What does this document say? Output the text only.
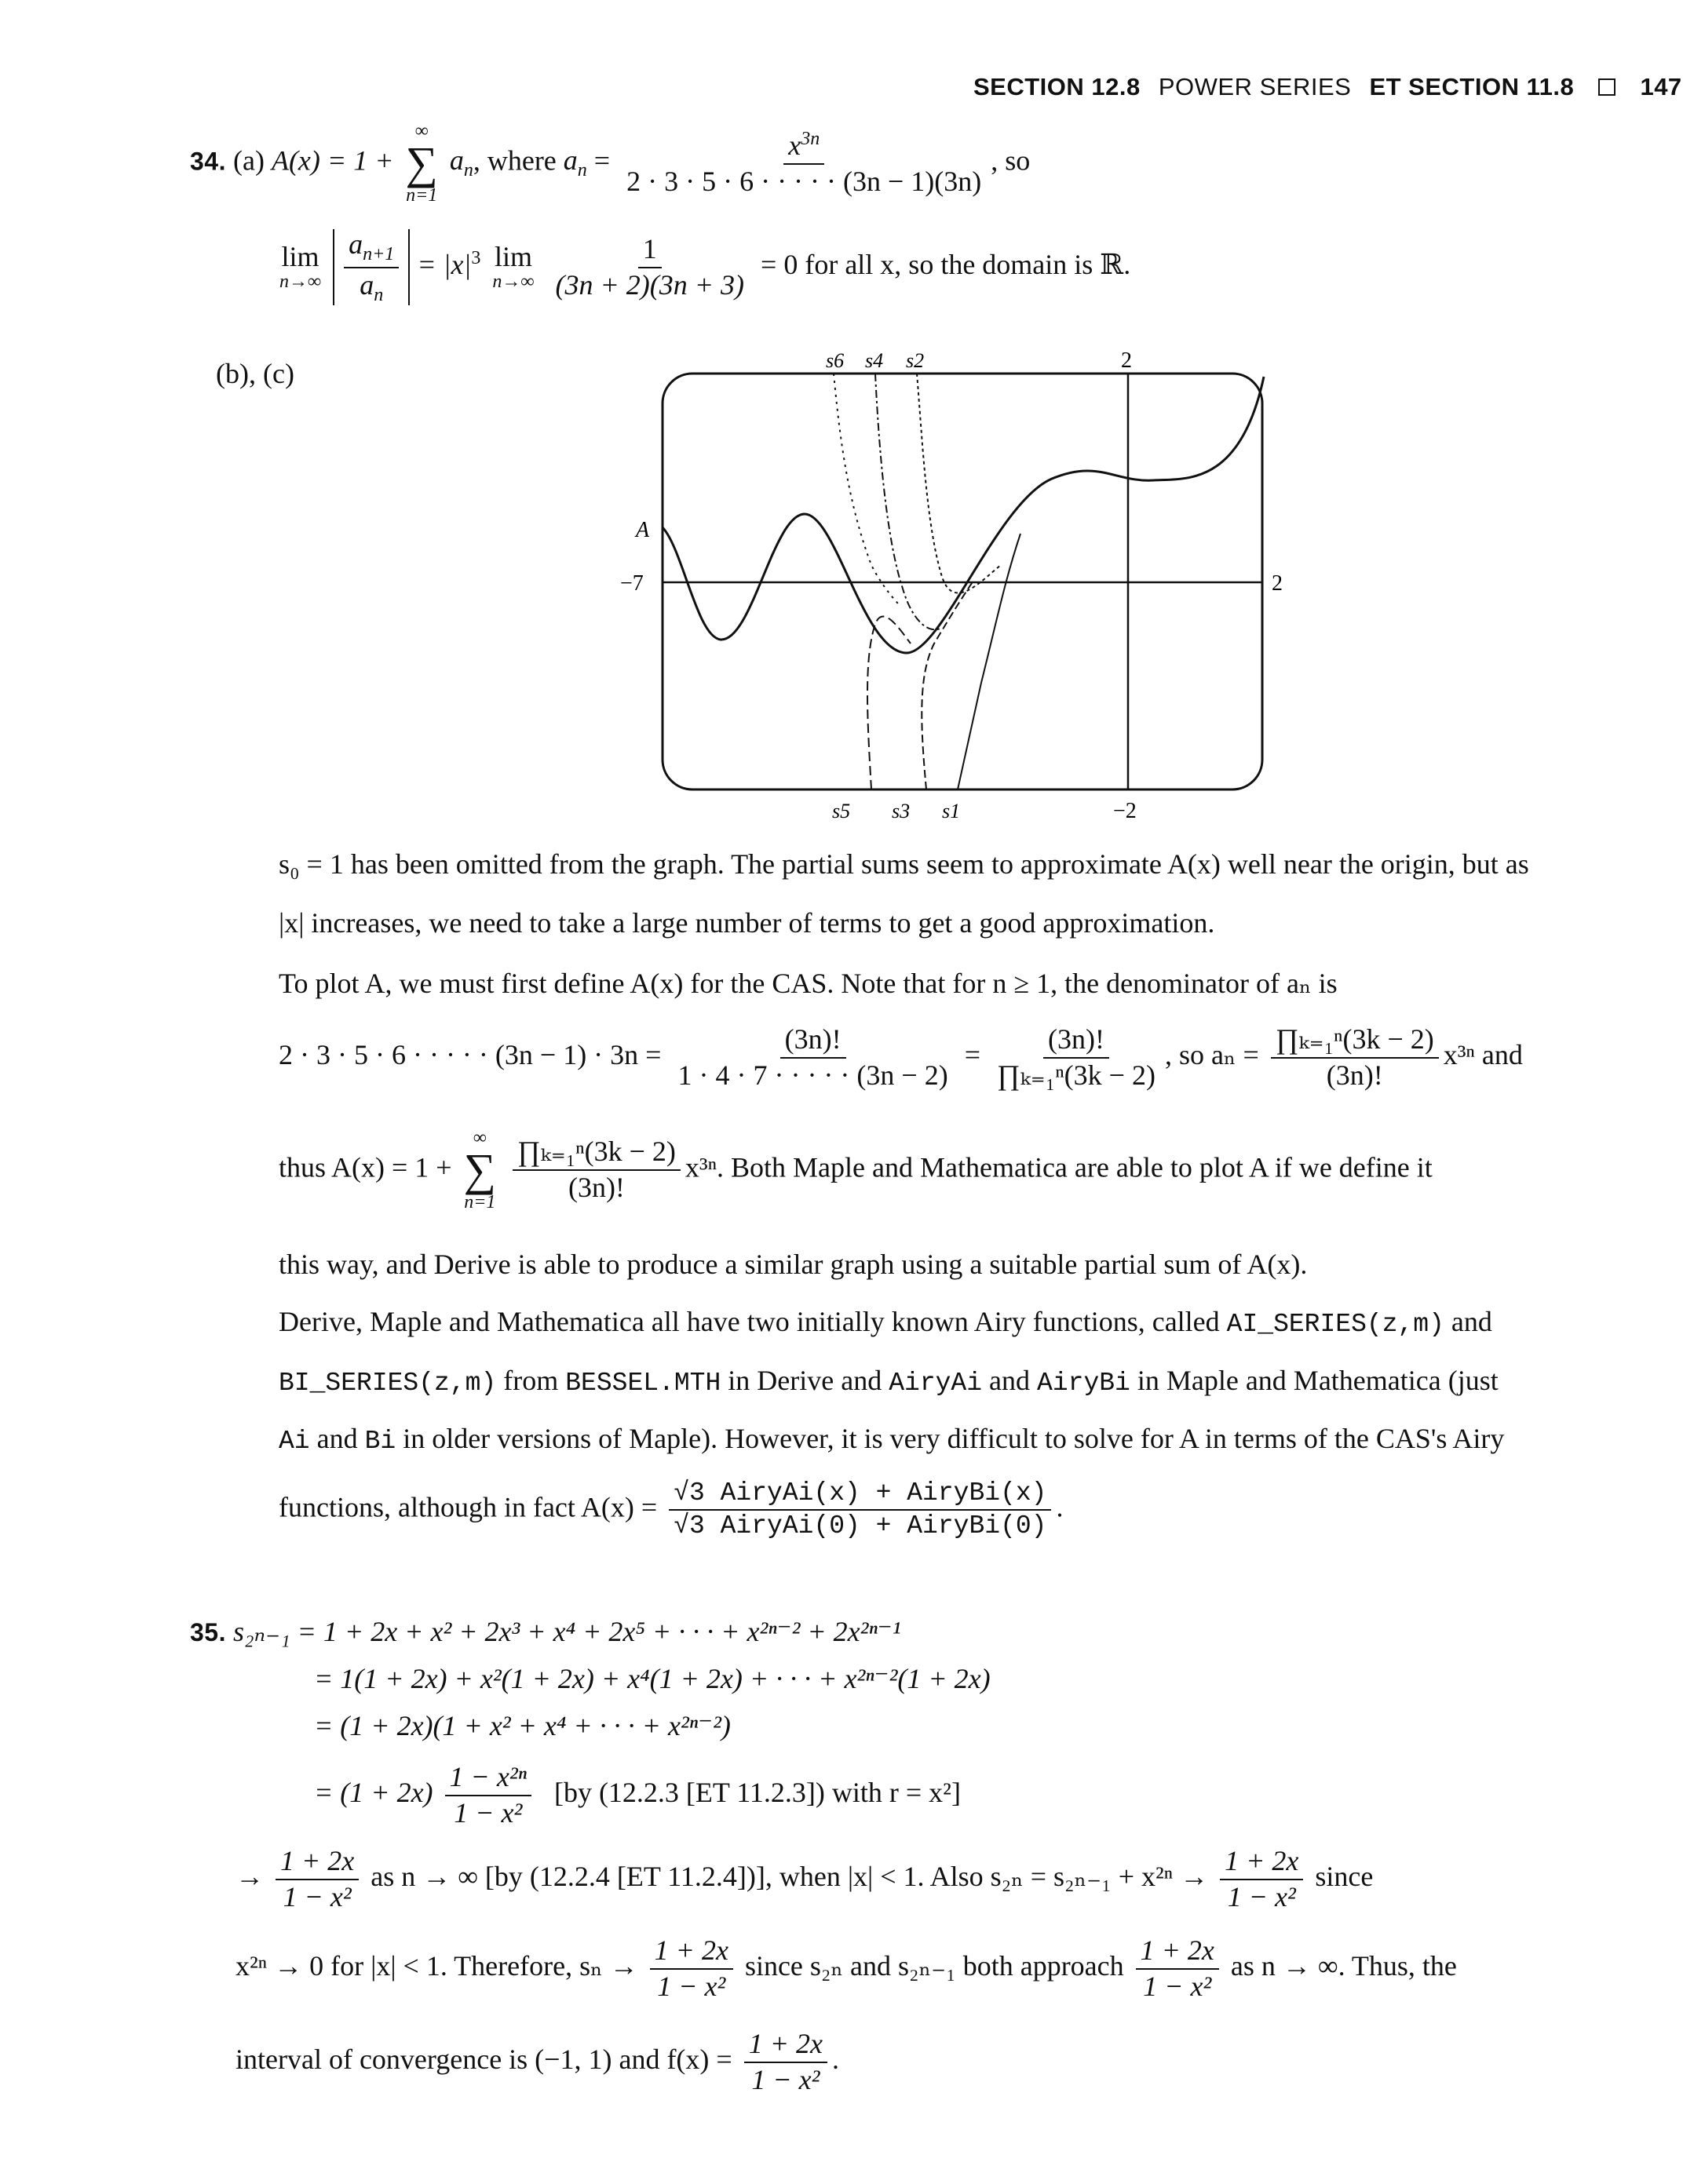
SECTION 12.8 POWER SERIES ET SECTION 11.8	147
34. (a) A(x) = 1 +
∞
∑
n=1
$a_n$, where $a_n = \frac{x^{3n}}{2 \cdot 3 \cdot 5 \cdot 6 \cdot \cdot \cdot \cdot \cdot (3n - 1)(3n)}$ , so
lim
n→∞
$\frac{a_{n+1}}{a_n} = |x|^3$ lim
n→∞
$\frac{1}{(3n + 2)(3n + 3)} = 0$ for all x, so the domain is ℝ.
(b), (c)	s6 s4 s2	2
A
−7	2
s5 s3 s1	−2
s₀ = 1 has been omitted from the graph. The partial sums seem to approximate A(x) well near the origin, but as
|x| increases, we need to take a large number of terms to get a good approximation.
To plot A, we must first define A(x) for the CAS. Note that for n ≥ 1, the denominator of aₙ is
2 · 3 · 5 · 6 · · · · · $(3n - 1) \cdot 3n = \frac{(3n)!}{1 \cdot 4 \cdot 7 \cdot \cdot \cdot \cdot \cdot (3n - 2)} = \frac{(3n)!}{\text{∏ₖ₌₁ⁿ(3k − 2)}}$ , so $a_n = \frac{\text{∏ₖ₌₁ⁿ(3k − 2)}}{(3n)!} x^{3n}$ and
thus A(x) = 1 +
∞
∑
n=1
$\frac{\text{∏ₖ₌₁ⁿ(3k − 2)}}{(3n)!} x^{3n}$. Both Maple and Mathematica are able to plot A if we define it
this way, and Derive is able to produce a similar graph using a suitable partial sum of A(x).
Derive, Maple and Mathematica all have two initially known Airy functions, called AI_SERIES(z,m) and
BI_SERIES(z,m) from BESSEL.MTH in Derive and AiryAi and AiryBi in Maple and Mathematica (just
Ai and Bi in older versions of Maple). However, it is very difficult to solve for A in terms of the CAS's Airy
functions, although in fact $A(x) = \frac{\text{√3 AiryAi(x) + AiryBi(x)}}{\text{√3 AiryAi(0) + AiryBi(0)}}$ .
35. s₂ₙ₋₁ = 1 + 2x + x² + 2x³ + x⁴ + 2x⁵ + · · · + x²ⁿ⁻² + 2x²ⁿ⁻¹
= 1(1 + 2x) + x²(1 + 2x) + x⁴(1 + 2x) + · · · + x²ⁿ⁻²(1 + 2x)
= (1 + 2x)(1 + x² + x⁴ + · · · + x²ⁿ⁻²)
= $(1 + 2x) \frac{\text{1 − x²ⁿ}}{\text{1 − x²}} [by$ (12.2.3 [ET 11.2.3]) with r = x²]
→ $\frac{1 + 2x}{\text{1 − x²}}$ as n → ∞ [by (12.2.4 [ET 11.2.4])], when |x| < 1. Also $s_{2n} = s_{2n-1} + x^{2n} \to \frac{1 + 2x}{\text{1 − x²}}$ since
x²ⁿ → 0 for |x| < 1. Therefore, $s_n \to \frac{1 + 2x}{\text{1 − x²}}$ since s₂ₙ and s₂ₙ₋₁ both approach $\frac{1 + 2x}{\text{1 − x²}}$ as n → ∞. Thus, the
interval of convergence is (−1, 1) and $f(x) = \frac{1 + 2x}{\text{1 − x²}}$ .
